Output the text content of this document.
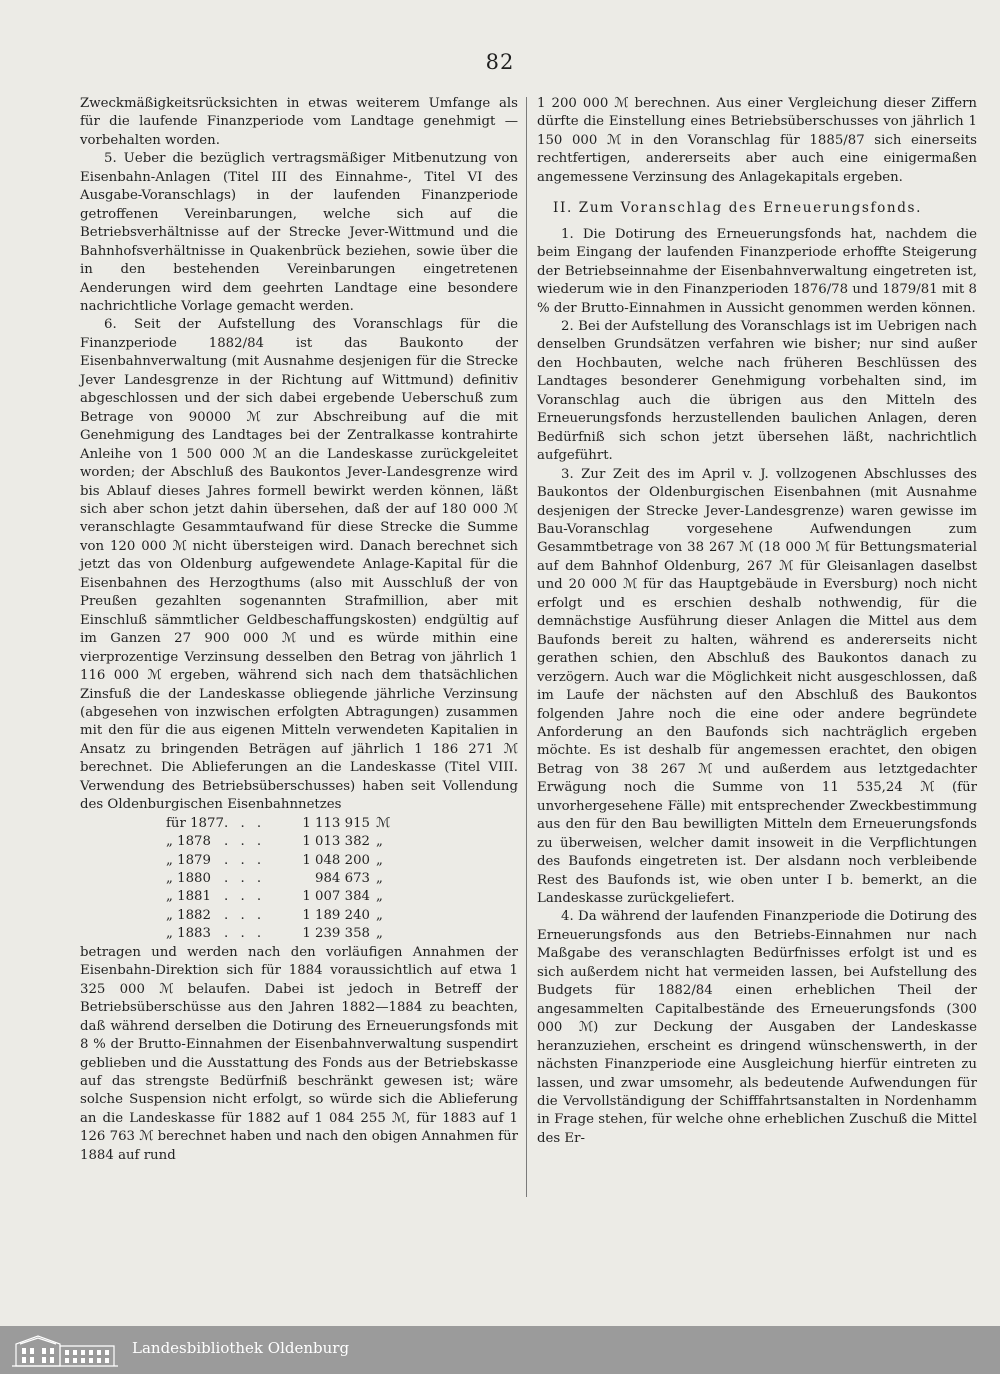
82

Zweckmäßigkeitsrücksichten in etwas weiterem Umfange als für die laufende Finanzperiode vom Landtage genehmigt — vorbehalten worden.

5. Ueber die bezüglich vertragsmäßiger Mitbenutzung von Eisenbahn-Anlagen (Titel III des Einnahme-, Titel VI des Ausgabe-Voranschlags) in der laufenden Finanzperiode getroffenen Vereinbarungen, welche sich auf die Betriebsverhältnisse auf der Strecke Jever-Wittmund und die Bahnhofsverhältnisse in Quakenbrück beziehen, sowie über die in den bestehenden Vereinbarungen eingetretenen Aenderungen wird dem geehrten Landtage eine besondere nachrichtliche Vorlage gemacht werden.

6. Seit der Aufstellung des Voranschlags für die Finanzperiode 1882/84 ist das Baukonto der Eisenbahnverwaltung (mit Ausnahme desjenigen für die Strecke Jever Landesgrenze in der Richtung auf Wittmund) definitiv abgeschlossen und der sich dabei ergebende Ueberschuß zum Betrage von 90000 ℳ zur Abschreibung auf die mit Genehmigung des Landtages bei der Zentralkasse kontrahirte Anleihe von 1 500 000 ℳ an die Landeskasse zurückgeleitet worden; der Abschluß des Baukontos Jever-Landesgrenze wird bis Ablauf dieses Jahres formell bewirkt werden können, läßt sich aber schon jetzt dahin übersehen, daß der auf 180 000 ℳ veranschlagte Gesammtaufwand für diese Strecke die Summe von 120 000 ℳ nicht übersteigen wird. Danach berechnet sich jetzt das von Oldenburg aufgewendete Anlage-Kapital für die Eisenbahnen des Herzogthums (also mit Ausschluß der von Preußen gezahlten sogenannten Strafmillion, aber mit Einschluß sämmtlicher Geldbeschaffungskosten) endgültig auf im Ganzen 27 900 000 ℳ und es würde mithin eine vierprozentige Verzinsung desselben den Betrag von jährlich 1 116 000 ℳ ergeben, während sich nach dem thatsächlichen Zinsfuß die der Landeskasse obliegende jährliche Verzinsung (abgesehen von inzwischen erfolgten Abtragungen) zusammen mit den für die aus eigenen Mitteln verwendeten Kapitalien in Ansatz zu bringenden Beträgen auf jährlich 1 186 271 ℳ berechnet. Die Ablieferungen an die Landeskasse (Titel VIII. Verwendung des Betriebsüberschusses) haben seit Vollendung des Oldenburgischen Eisenbahnnetzes

für 1877	. . .	1 113 915	ℳ
„ 1878	. . .	1 013 382	„
„ 1879	. . .	1 048 200	„
„ 1880	. . .	984 673	„
„ 1881	. . .	1 007 384	„
„ 1882	. . .	1 189 240	„
„ 1883	. . .	1 239 358	„

betragen und werden nach den vorläufigen Annahmen der Eisenbahn-Direktion sich für 1884 voraussichtlich auf etwa 1 325 000 ℳ belaufen. Dabei ist jedoch in Betreff der Betriebsüberschüsse aus den Jahren 1882—1884 zu beachten, daß während derselben die Dotirung des Erneuerungsfonds mit 8 % der Brutto-Einnahmen der Eisenbahnverwaltung suspendirt geblieben und die Ausstattung des Fonds aus der Betriebskasse auf das strengste Bedürfniß beschränkt gewesen ist; wäre solche Suspension nicht erfolgt, so würde sich die Ablieferung an die Landeskasse für 1882 auf 1 084 255 ℳ, für 1883 auf 1 126 763 ℳ berechnet haben und nach den obigen Annahmen für 1884 auf rund

1 200 000 ℳ berechnen. Aus einer Vergleichung dieser Ziffern dürfte die Einstellung eines Betriebsüberschusses von jährlich 1 150 000 ℳ in den Voranschlag für 1885/87 sich einerseits rechtfertigen, andererseits aber auch eine einigermaßen angemessene Verzinsung des Anlagekapitals ergeben.

II. Zum Voranschlag des Erneuerungsfonds.

1. Die Dotirung des Erneuerungsfonds hat, nachdem die beim Eingang der laufenden Finanzperiode erhoffte Steigerung der Betriebseinnahme der Eisenbahnverwaltung eingetreten ist, wiederum wie in den Finanzperioden 1876/78 und 1879/81 mit 8 % der Brutto-Einnahmen in Aussicht genommen werden können.

2. Bei der Aufstellung des Voranschlags ist im Uebrigen nach denselben Grundsätzen verfahren wie bisher; nur sind außer den Hochbauten, welche nach früheren Beschlüssen des Landtages besonderer Genehmigung vorbehalten sind, im Voranschlag auch die übrigen aus den Mitteln des Erneuerungsfonds herzustellenden baulichen Anlagen, deren Bedürfniß sich schon jetzt übersehen läßt, nachrichtlich aufgeführt.

3. Zur Zeit des im April v. J. vollzogenen Abschlusses des Baukontos der Oldenburgischen Eisenbahnen (mit Ausnahme desjenigen der Strecke Jever-Landesgrenze) waren gewisse im Bau-Voranschlag vorgesehene Aufwendungen zum Gesammtbetrage von 38 267 ℳ (18 000 ℳ für Bettungsmaterial auf dem Bahnhof Oldenburg, 267 ℳ für Gleisanlagen daselbst und 20 000 ℳ für das Hauptgebäude in Eversburg) noch nicht erfolgt und es erschien deshalb nothwendig, für die demnächstige Ausführung dieser Anlagen die Mittel aus dem Baufonds bereit zu halten, während es andererseits nicht gerathen schien, den Abschluß des Baukontos danach zu verzögern. Auch war die Möglichkeit nicht ausgeschlossen, daß im Laufe der nächsten auf den Abschluß des Baukontos folgenden Jahre noch die eine oder andere begründete Anforderung an den Baufonds sich nachträglich ergeben möchte. Es ist deshalb für angemessen erachtet, den obigen Betrag von 38 267 ℳ und außerdem aus letztgedachter Erwägung noch die Summe von 11 535,24 ℳ (für unvorhergesehene Fälle) mit entsprechender Zweckbestimmung aus den für den Bau bewilligten Mitteln dem Erneuerungsfonds zu überweisen, welcher damit insoweit in die Verpflichtungen des Baufonds eingetreten ist. Der alsdann noch verbleibende Rest des Baufonds ist, wie oben unter I b. bemerkt, an die Landeskasse zurückgeliefert.

4. Da während der laufenden Finanzperiode die Dotirung des Erneuerungsfonds aus den Betriebs-Einnahmen nur nach Maßgabe des veranschlagten Bedürfnisses erfolgt ist und es sich außerdem nicht hat vermeiden lassen, bei Aufstellung des Budgets für 1882/84 einen erheblichen Theil der angesammelten Capitalbestände des Erneuerungsfonds (300 000 ℳ) zur Deckung der Ausgaben der Landeskasse heranzuziehen, erscheint es dringend wünschenswerth, in der nächsten Finanzperiode eine Ausgleichung hierfür eintreten zu lassen, und zwar umsomehr, als bedeutende Aufwendungen für die Vervollständigung der Schifffahrtsanstalten in Nordenhamm in Frage stehen, für welche ohne erheblichen Zuschuß die Mittel des Er-

Landesbibliothek Oldenburg
